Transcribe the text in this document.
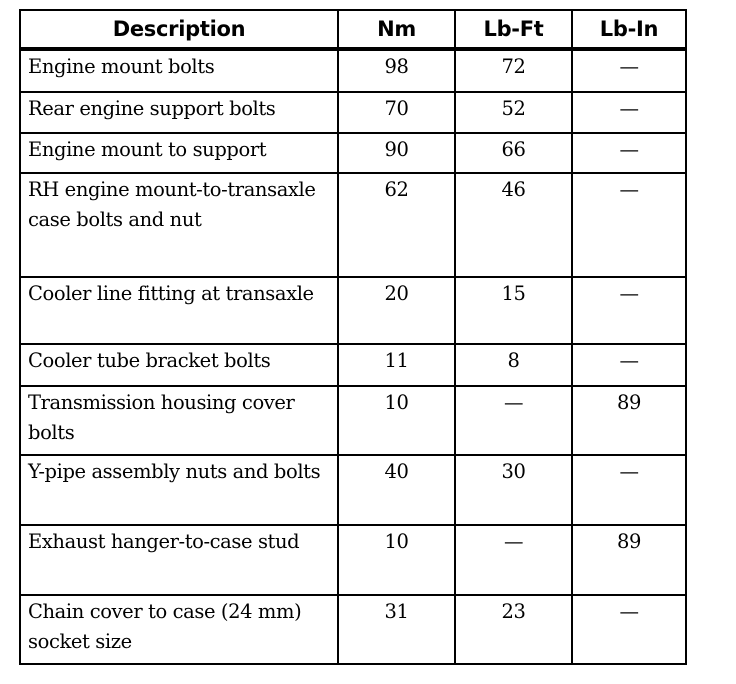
Description	Nm	Lb-Ft	Lb-In
Engine mount bolts	98	72	—
Rear engine support bolts	70	52	—
Engine mount to support	90	66	—
RH engine mount-to-transaxle case bolts and nut	62	46	—
Cooler line fitting at transaxle	20	15	—
Cooler tube bracket bolts	11	8	—
Transmission housing cover bolts	10	—	89
Y-pipe assembly nuts and bolts	40	30	—
Exhaust hanger-to-case stud	10	—	89
Chain cover to case (24 mm) socket size	31	23	—
